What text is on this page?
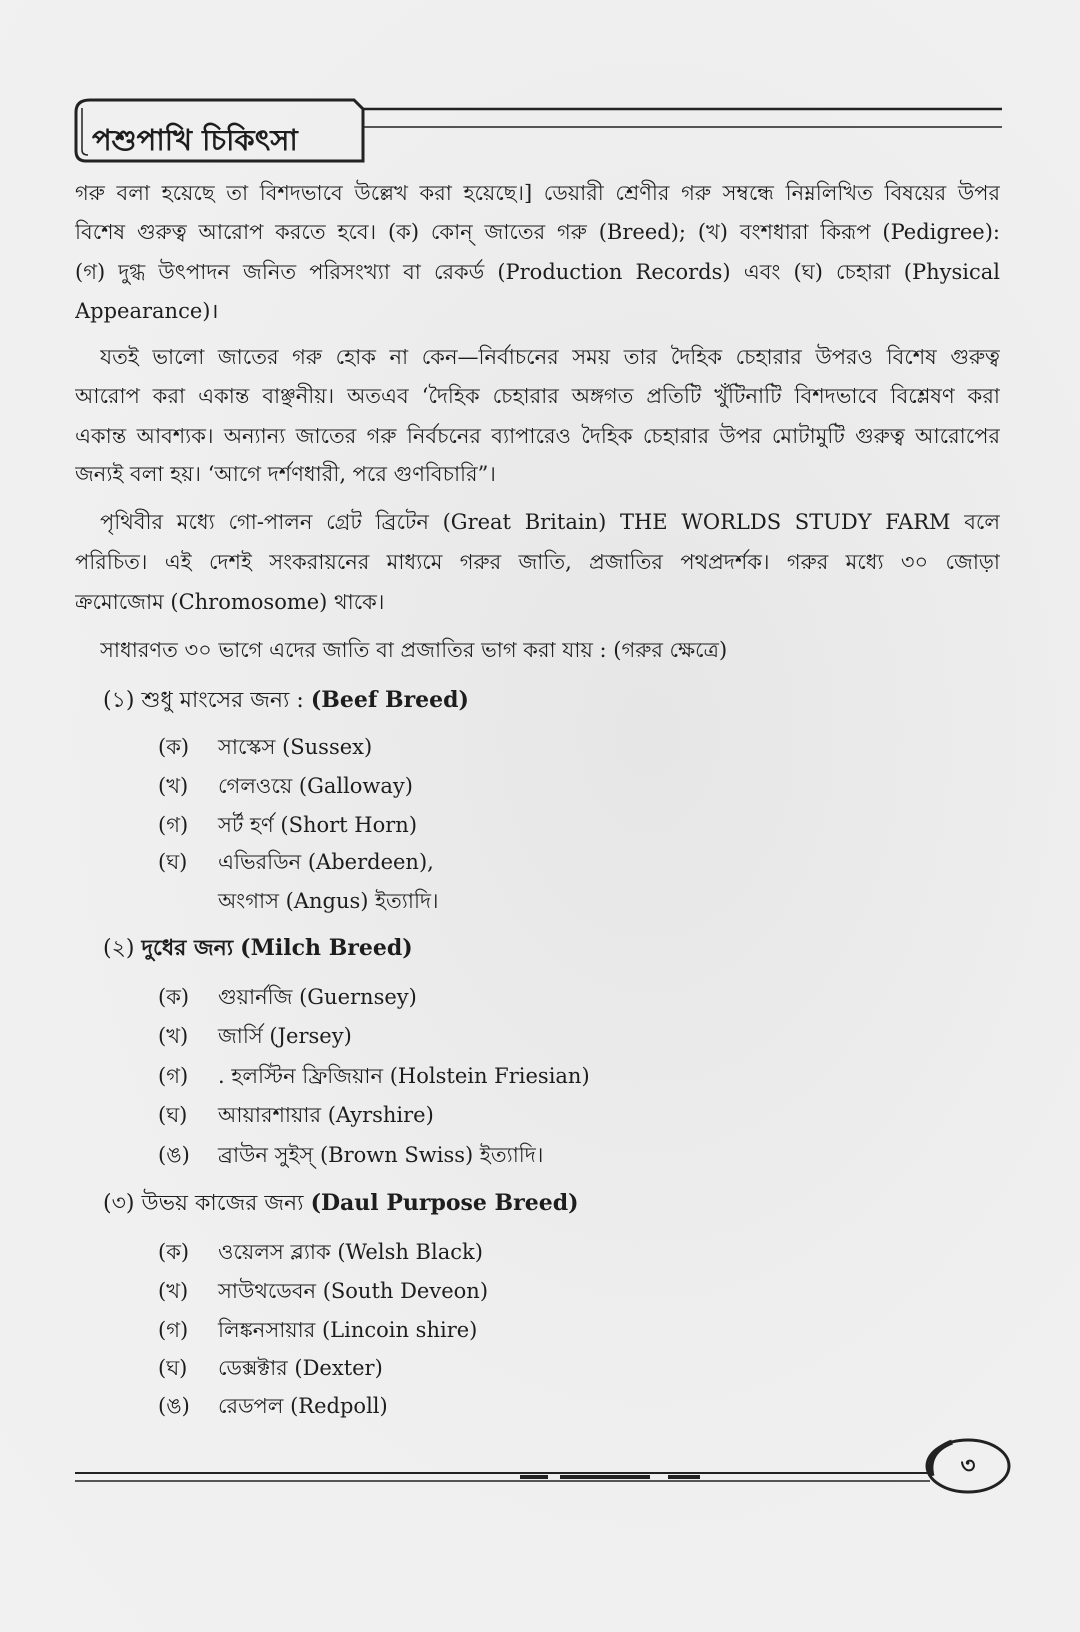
পশুপাখি চিকিৎসা
গরু বলা হয়েছে তা বিশদভাবে উল্লেখ করা হয়েছে।] ডেয়ারী শ্রেণীর গরু সম্বন্ধে নিম্নলিখিত বিষয়ের উপর
বিশেষ গুরুত্ব আরোপ করতে হবে। (ক) কোন্ জাতের গরু (Breed); (খ) বংশধারা কিরূপ (Pedigree):
(গ) দুগ্ধ উৎপাদন জনিত পরিসংখ্যা বা রেকর্ড (Production Records) এবং (ঘ) চেহারা (Physical
Appearance)।
যতই ভালো জাতের গরু হোক না কেন—নির্বাচনের সময় তার দৈহিক চেহারার উপরও বিশেষ গুরুত্ব
আরোপ করা একান্ত বাঞ্ছনীয়। অতএব ‘দৈহিক চেহারার অঙ্গগত প্রতিটি খুঁটিনাটি বিশদভাবে বিশ্লেষণ করা
একান্ত আবশ্যক। অন্যান্য জাতের গরু নির্বচনের ব্যাপারেও দৈহিক চেহারার উপর মোটামুটি গুরুত্ব আরোপের
জন্যই বলা হয়। ‘আগে দর্শণধারী, পরে গুণবিচারি”।
পৃথিবীর মধ্যে গো-পালন গ্রেট ব্রিটেন (Great Britain) THE WORLDS STUDY FARM বলে
পরিচিত। এই দেশই সংকরায়নের মাধ্যমে গরুর জাতি, প্রজাতির পথপ্রদর্শক। গরুর মধ্যে ৩০ জোড়া
ক্রমোজোম (Chromosome) থাকে।
সাধারণত ৩০ ভাগে এদের জাতি বা প্রজাতির ভাগ করা যায় : (গরুর ক্ষেত্রে)
(১) শুধু মাংসের জন্য : (Beef Breed)
(ক) সাস্কেস (Sussex)
(খ) গেলওয়ে (Galloway)
(গ) সর্ট হর্ণ (Short Horn)
(ঘ) এভিরডিন (Aberdeen),
অংগাস (Angus) ইত্যাদি।
(২) দুধের জন্য (Milch Breed)
(ক) গুয়ার্নজি (Guernsey)
(খ) জার্সি (Jersey)
(গ) . হলস্টিন ফ্রিজিয়ান (Holstein Friesian)
(ঘ) আয়ারশায়ার (Ayrshire)
(ঙ) ব্রাউন সুইস্ (Brown Swiss) ইত্যাদি।
(৩) উভয় কাজের জন্য (Daul Purpose Breed)
(ক) ওয়েলস ব্ল্যাক (Welsh Black)
(খ) সাউথডেবন (South Deveon)
(গ) লিঙ্কনসায়ার (Lincoin shire)
(ঘ) ডেক্সক্টার (Dexter)
(ঙ) রেডপল (Redpoll)
৩
